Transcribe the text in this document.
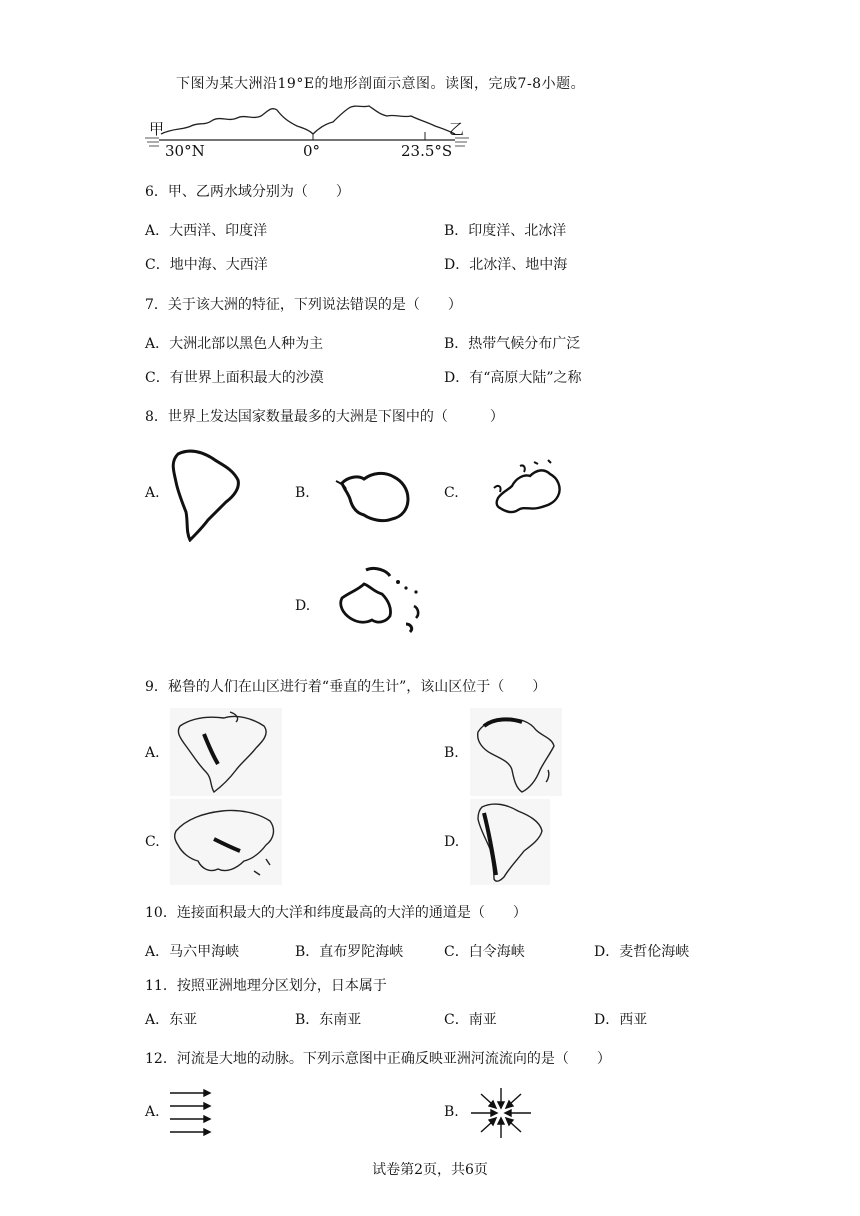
下图为某大洲沿19°E的地形剖面示意图。读图，完成7-8小题。
甲	乙
30°N	0°	23.5°S
6．甲、乙两水域分别为（　　）
A．大西洋、印度洋	B．印度洋、北冰洋
C．地中海、大西洋	D．北冰洋、地中海
7．关于该大洲的特征，下列说法错误的是（　　）
A．大洲北部以黑色人种为主	B．热带气候分布广泛
C．有世界上面积最大的沙漠	D．有“高原大陆”之称
8．世界上发达国家数量最多的大洲是下图中的（　　　）
A.	B.	C.
D.
9．秘鲁的人们在山区进行着“垂直的生计”，该山区位于（　　）
A.	B.
C.	D.
10．连接面积最大的大洋和纬度最高的大洋的通道是（　　）
A．马六甲海峡	B．直布罗陀海峡	C．白令海峡	D．麦哲伦海峡
11．按照亚洲地理分区划分，日本属于
A．东亚	B．东南亚	C．南亚	D．西亚
12．河流是大地的动脉。下列示意图中正确反映亚洲河流流向的是（　　）
A.	B.
试卷第2页，共6页
